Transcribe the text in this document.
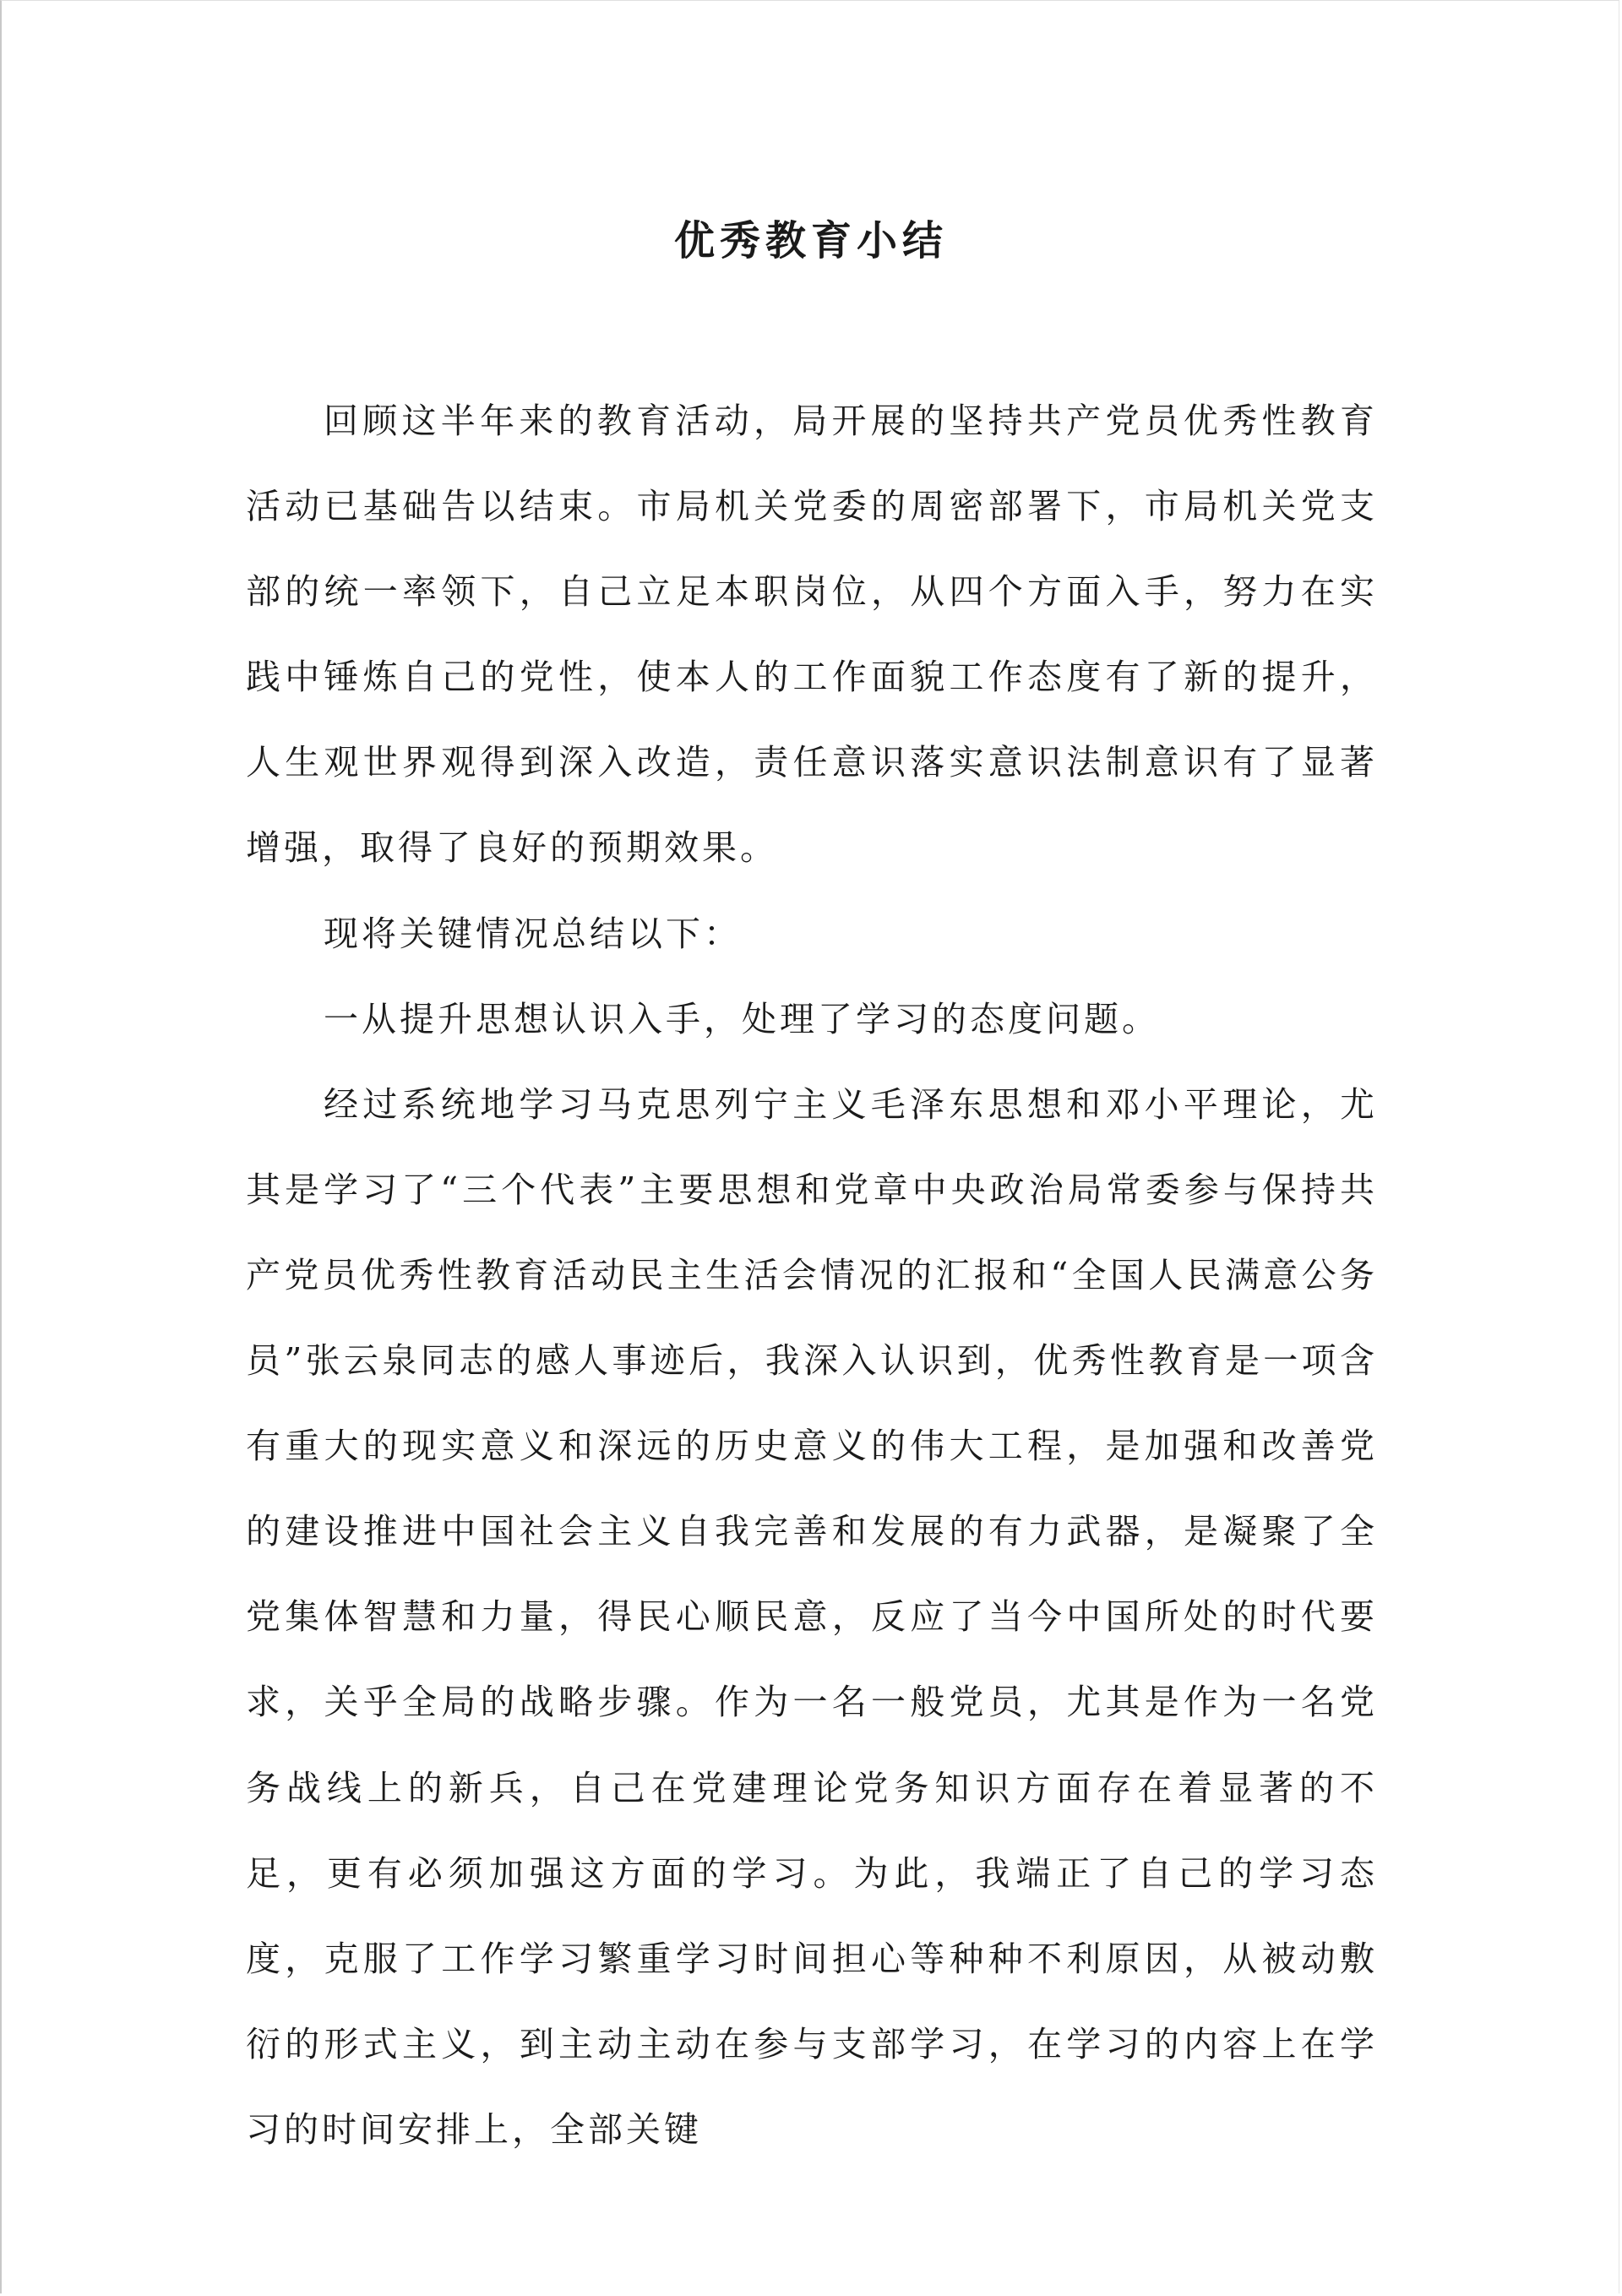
优秀教育小结

回顾这半年来的教育活动，局开展的坚持共产党员优秀性教育活动已基础告以结束。市局机关党委的周密部署下，市局机关党支部的统一率领下，自己立足本职岗位，从四个方面入手，努力在实践中锤炼自己的党性，使本人的工作面貌工作态度有了新的提升，人生观世界观得到深入改造，责任意识落实意识法制意识有了显著增强，取得了良好的预期效果。

现将关键情况总结以下：

一从提升思想认识入手，处理了学习的态度问题。

经过系统地学习马克思列宁主义毛泽东思想和邓小平理论，尤其是学习了“三个代表”主要思想和党章中央政治局常委参与保持共产党员优秀性教育活动民主生活会情况的汇报和“全国人民满意公务员”张云泉同志的感人事迹后，我深入认识到，优秀性教育是一项含有重大的现实意义和深远的历史意义的伟大工程，是加强和改善党的建设推进中国社会主义自我完善和发展的有力武器，是凝聚了全党集体智慧和力量，得民心顺民意，反应了当今中国所处的时代要求，关乎全局的战略步骤。作为一名一般党员，尤其是作为一名党务战线上的新兵，自己在党建理论党务知识方面存在着显著的不足，更有必须加强这方面的学习。为此，我端正了自己的学习态度，克服了工作学习繁重学习时间担心等种种不利原因，从被动敷衍的形式主义，到主动主动在参与支部学习，在学习的内容上在学习的时间安排上，全部关键
